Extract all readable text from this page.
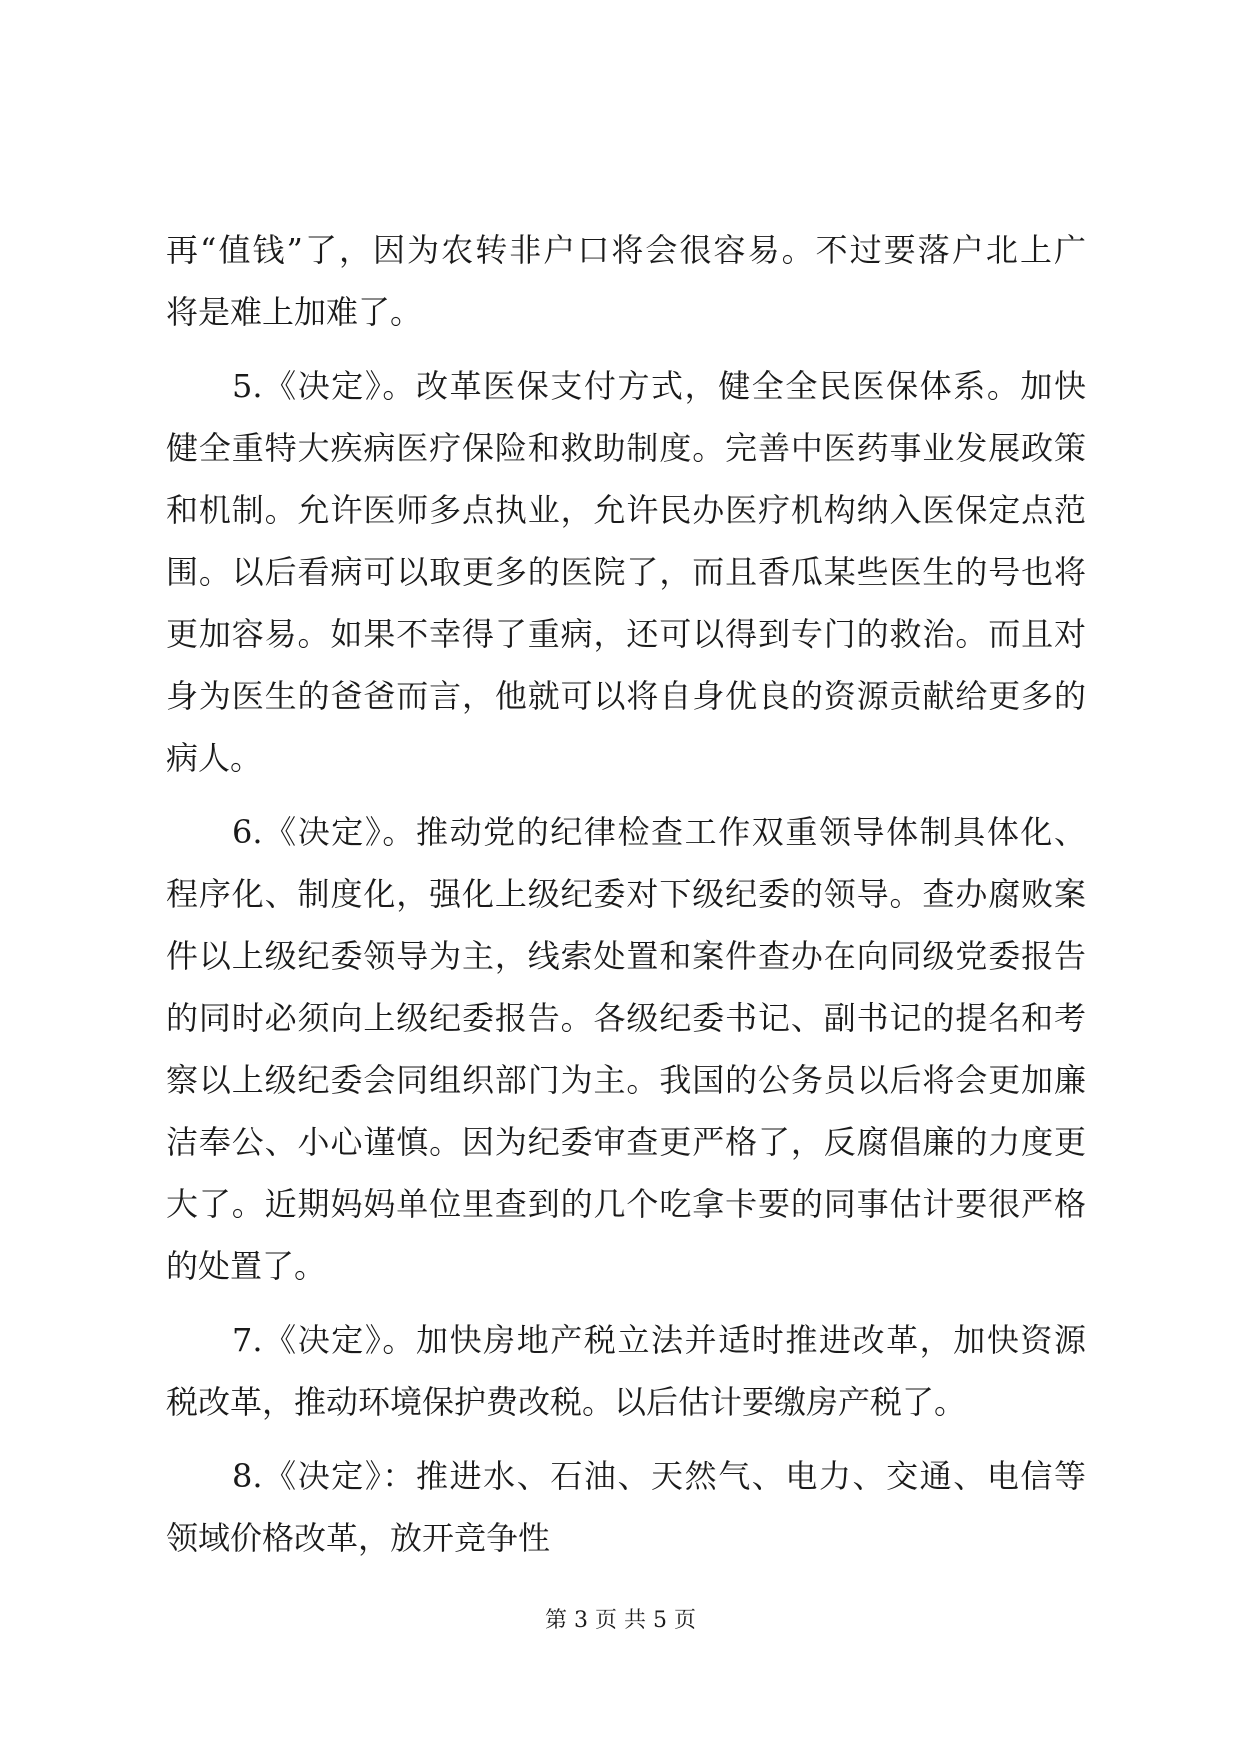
再“值钱”了，因为农转非户口将会很容易。不过要落户北上广
将是难上加难了。
5.《决定》。改革医保支付方式，健全全民医保体系。加快
健全重特大疾病医疗保险和救助制度。完善中医药事业发展政策
和机制。允许医师多点执业，允许民办医疗机构纳入医保定点范
围。以后看病可以取更多的医院了，而且香瓜某些医生的号也将
更加容易。如果不幸得了重病，还可以得到专门的救治。而且对
身为医生的爸爸而言，他就可以将自身优良的资源贡献给更多的
病人。
6.《决定》。推动党的纪律检查工作双重领导体制具体化、
程序化、制度化，强化上级纪委对下级纪委的领导。查办腐败案
件以上级纪委领导为主，线索处置和案件查办在向同级党委报告
的同时必须向上级纪委报告。各级纪委书记、副书记的提名和考
察以上级纪委会同组织部门为主。我国的公务员以后将会更加廉
洁奉公、小心谨慎。因为纪委审查更严格了，反腐倡廉的力度更
大了。近期妈妈单位里查到的几个吃拿卡要的同事估计要很严格
的处置了。
7.《决定》。加快房地产税立法并适时推进改革，加快资源
税改革，推动环境保护费改税。以后估计要缴房产税了。
8.《决定》：推进水、石油、天然气、电力、交通、电信等
领域价格改革，放开竞争性
第 3 页 共 5 页
